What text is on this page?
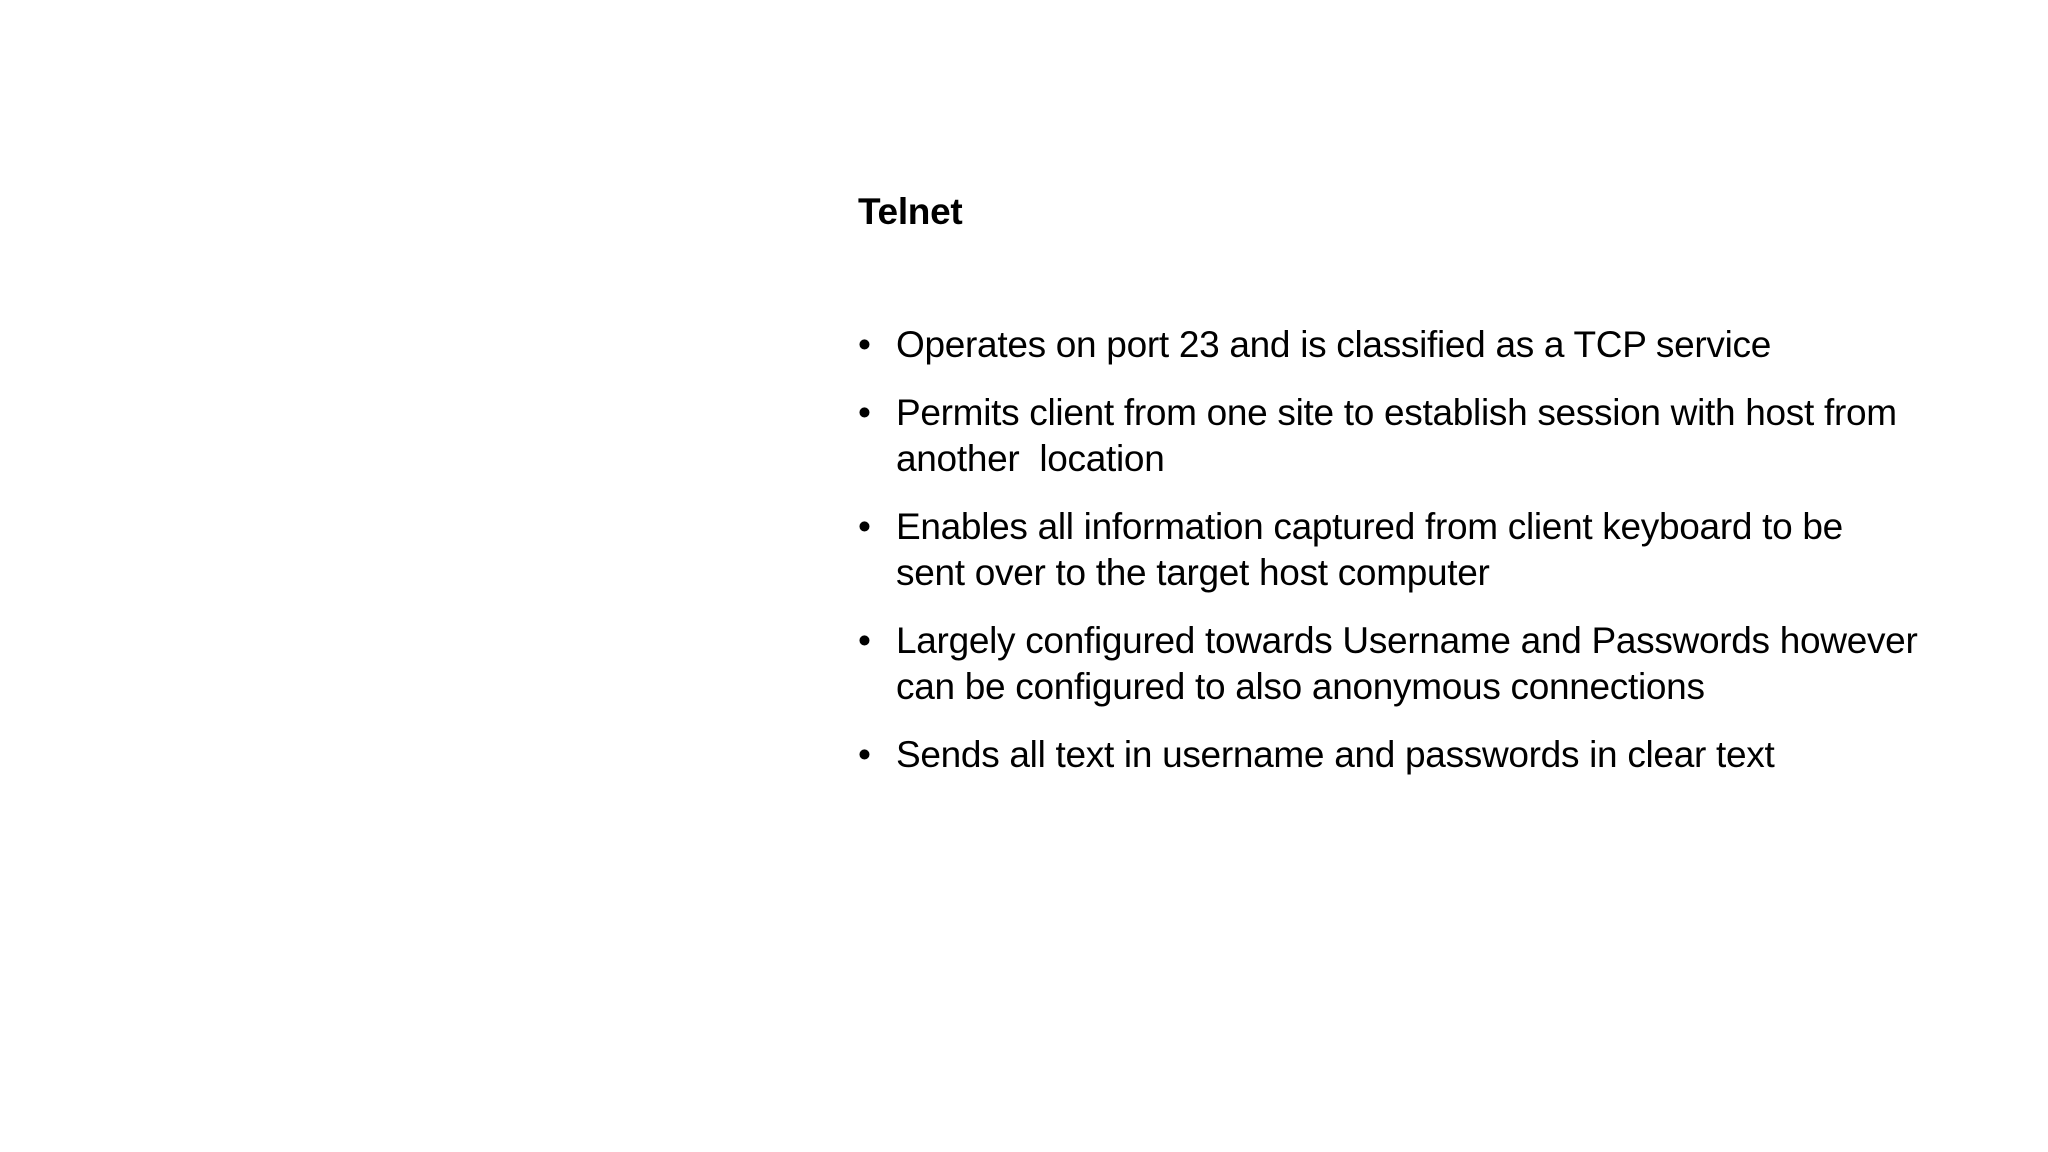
Telnet
• Operates on port 23 and is classified as a TCP service
• Permits client from one site to establish session with host from another  location
• Enables all information captured from client keyboard to be sent over to the target host computer
• Largely configured towards Username and Passwords however can be configured to also anonymous connections
• Sends all text in username and passwords in clear text
